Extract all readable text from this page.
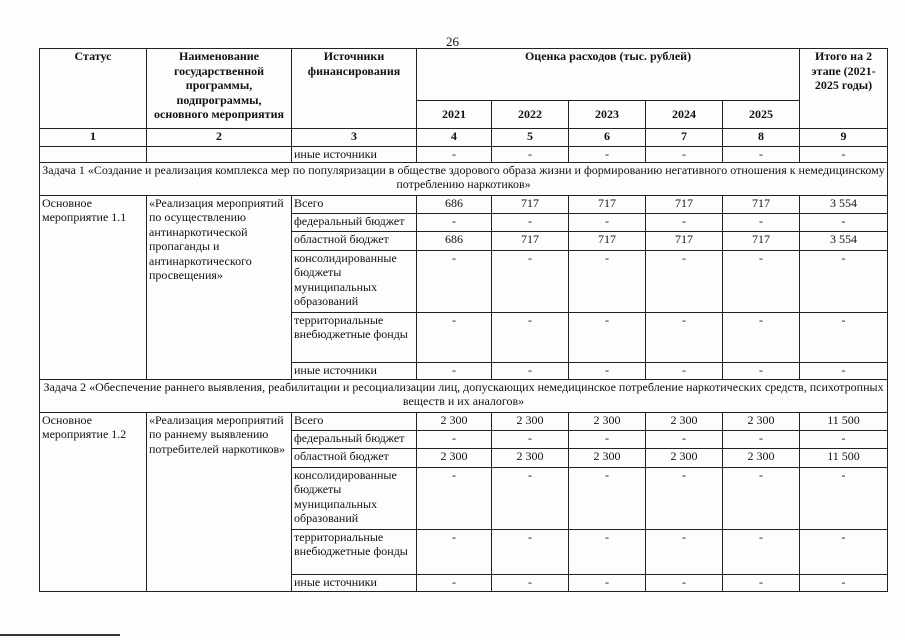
26
Статус	Наименование государственной программы, подпрограммы, основного мероприятия	Источники финансирования	Оценка расходов (тыс. рублей)					Итого на 2 этапе (2021-2025 годы)
			2021	2022	2023	2024	2025	
1	2	3	4	5	6	7	8	9
		иные источники	-	-	-	-	-	-
Задача 1 «Создание и реализация комплекса мер по популяризации в обществе здорового образа жизни и формированию негативного отношения к немедицинскому потреблению наркотиков»								
Основное мероприятие 1.1	«Реализация мероприятий по осуществлению антинаркотической пропаганды и антинаркотического просвещения»	Всего	686	717	717	717	717	3 554
		федеральный бюджет	-	-	-	-	-	-
		областной бюджет	686	717	717	717	717	3 554
		консолидированные бюджеты муниципальных образований	-	-	-	-	-	-
		территориальные внебюджетные фонды	-	-	-	-	-	-
		иные источники	-	-	-	-	-	-
Задача 2 «Обеспечение раннего выявления, реабилитации и ресоциализации лиц, допускающих немедицинское потребление наркотических средств, психотропных веществ и их аналогов»								
Основное мероприятие 1.2	«Реализация мероприятий по раннему выявлению потребителей наркотиков»	Всего	2 300	2 300	2 300	2 300	2 300	11 500
		федеральный бюджет	-	-	-	-	-	-
		областной бюджет	2 300	2 300	2 300	2 300	2 300	11 500
		консолидированные бюджеты муниципальных образований	-	-	-	-	-	-
		территориальные внебюджетные фонды	-	-	-	-	-	-
		иные источники	-	-	-	-	-	-
